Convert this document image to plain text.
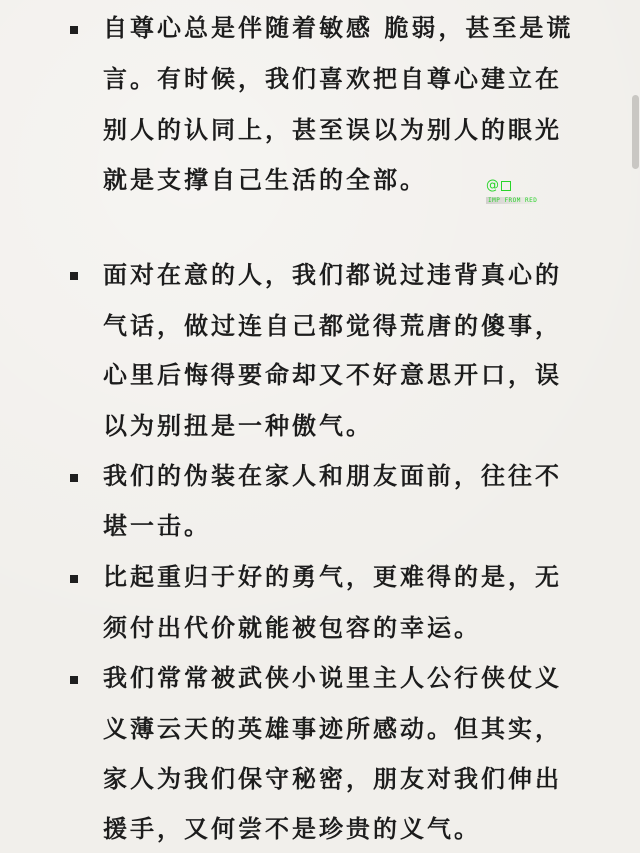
自尊心总是伴随着敏感 脆弱，甚至是谎
言。有时候，我们喜欢把自尊心建立在
别人的认同上，甚至误以为别人的眼光
就是支撑自己生活的全部。
面对在意的人，我们都说过违背真心的
气话，做过连自己都觉得荒唐的傻事，
心里后悔得要命却又不好意思开口，误
以为别扭是一种傲气。
我们的伪装在家人和朋友面前，往往不
堪一击。
比起重归于好的勇气，更难得的是，无
须付出代价就能被包容的幸运。
我们常常被武侠小说里主人公行侠仗义
义薄云天的英雄事迹所感动。但其实，
家人为我们保守秘密，朋友对我们伸出
援手，又何尝不是珍贵的义气。
@
IMP FROM RED
